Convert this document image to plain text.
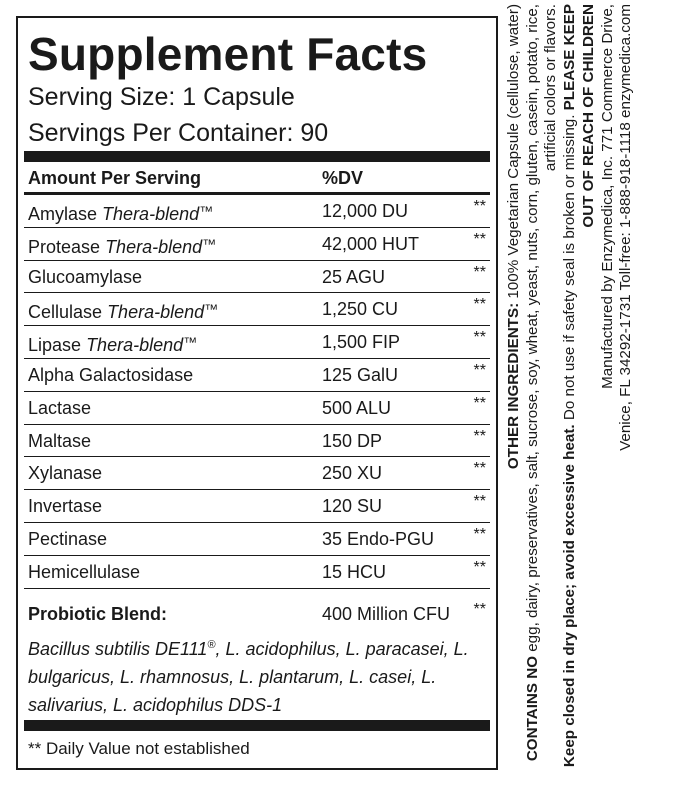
Supplement Facts
Serving Size: 1 Capsule
Servings Per Container: 90
Amount Per Serving	%DV
Amylase Thera-blend™	12,000 DU	**
Protease Thera-blend™	42,000 HUT	**
Glucoamylase	25 AGU	**
Cellulase Thera-blend™	1,250 CU	**
Lipase Thera-blend™	1,500 FIP	**
Alpha Galactosidase	125 GalU	**
Lactase	500 ALU	**
Maltase	150 DP	**
Xylanase	250 XU	**
Invertase	120 SU	**
Pectinase	35 Endo-PGU **
Hemicellulase	15 HCU	**
Probiotic Blend:	400 Million CFU **
Bacillus subtilis DE111®, L. acidophilus, L. paracasei, L. bulgaricus, L. rhamnosus, L. plantarum, L. casei, L. salivarius, L. acidophilus DDS-1
** Daily Value not established

OTHER INGREDIENTS: 100% Vegetarian Capsule (cellulose, water)

CONTAINS NO egg, dairy, preservatives, salt, sucrose, soy, wheat, yeast, nuts, corn, gluten, casein, potato, rice, artificial colors or flavors.

Keep closed in dry place; avoid excessive heat. Do not use if safety seal is broken or missing. PLEASE KEEP OUT OF REACH OF CHILDREN Manufactured by Enzymedica, Inc. 771 Commerce Drive, Venice, FL 34292-1731 Toll-free: 1-888-918-1118 enzymedica.com
